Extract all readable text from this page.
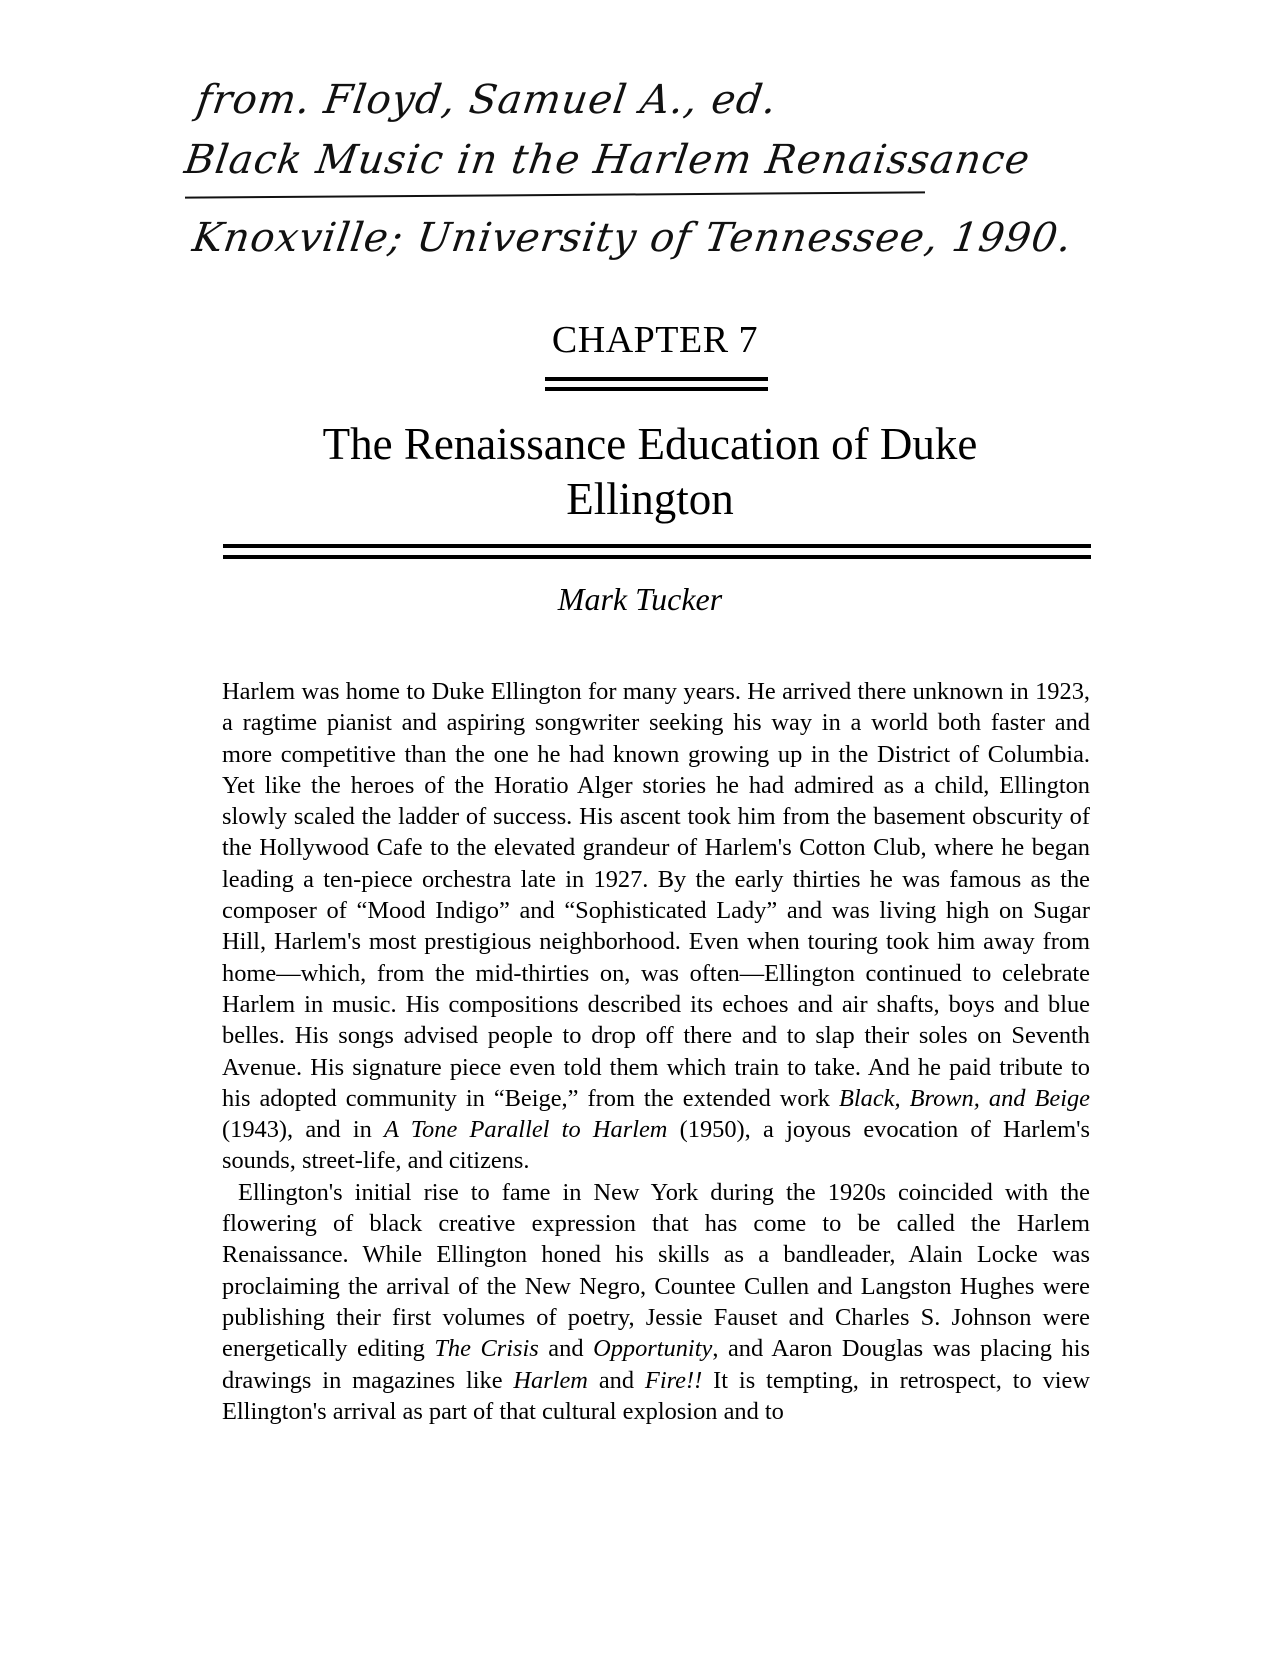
from. Floyd, Samuel A., ed.
Black Music in the Harlem Renaissance
Knoxville; University of Tennessee, 1990.
CHAPTER 7
The Renaissance Education of Duke Ellington
Mark Tucker

Harlem was home to Duke Ellington for many years. He arrived there unknown in 1923, a ragtime pianist and aspiring songwriter seeking his way in a world both faster and more competitive than the one he had known growing up in the District of Columbia. Yet like the heroes of the Horatio Alger stories he had admired as a child, Ellington slowly scaled the ladder of success. His ascent took him from the basement obscurity of the Hollywood Cafe to the elevated grandeur of Harlem's Cotton Club, where he began leading a ten-piece orchestra late in 1927. By the early thirties he was famous as the composer of “Mood Indigo” and “Sophisticated Lady” and was living high on Sugar Hill, Harlem's most prestigious neighborhood. Even when touring took him away from home—which, from the mid-thirties on, was often—Ellington continued to celebrate Harlem in music. His compositions described its echoes and air shafts, boys and blue belles. His songs advised people to drop off there and to slap their soles on Seventh Avenue. His signature piece even told them which train to take. And he paid tribute to his adopted community in “Beige,” from the extended work Black, Brown, and Beige (1943), and in A Tone Parallel to Harlem (1950), a joyous evocation of Harlem's sounds, street-life, and citizens.

Ellington's initial rise to fame in New York during the 1920s coincided with the flowering of black creative expression that has come to be called the Harlem Renaissance. While Ellington honed his skills as a bandleader, Alain Locke was proclaiming the arrival of the New Negro, Countee Cullen and Langston Hughes were publishing their first volumes of poetry, Jessie Fauset and Charles S. Johnson were energetically editing The Crisis and Opportunity, and Aaron Douglas was placing his drawings in magazines like Harlem and Fire!! It is tempting, in retrospect, to view Ellington's arrival as part of that cultural explosion and to
